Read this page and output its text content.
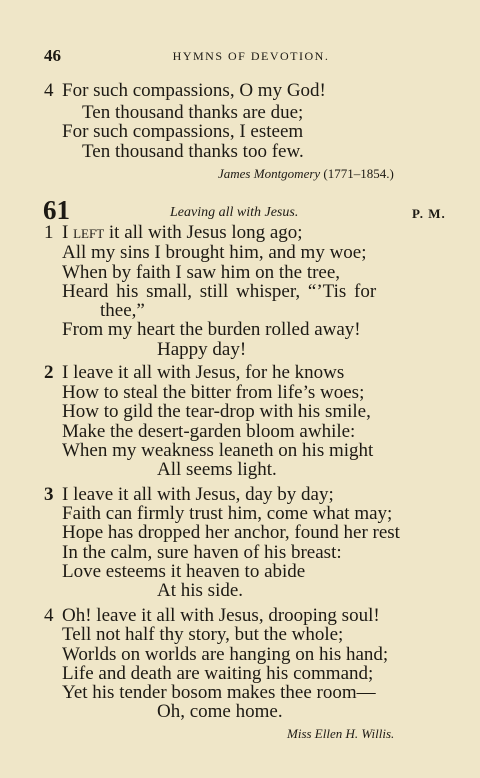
46	HYMNS OF DEVOTION.
4 For such compassions, O my God!
Ten thousand thanks are due;
For such compassions, I esteem
Ten thousand thanks too few.
James Montgomery (1771–1854.)
61	Leaving all with Jesus.	P. M.
1 I left it all with Jesus long ago;
All my sins I brought him, and my woe;
When by faith I saw him on the tree,
Heard his small, still whisper, “’Tis for
thee,”
From my heart the burden rolled away!
Happy day!
2 I leave it all with Jesus, for he knows
How to steal the bitter from life’s woes;
How to gild the tear-drop with his smile,
Make the desert-garden bloom awhile:
When my weakness leaneth on his might
All seems light.
3 I leave it all with Jesus, day by day;
Faith can firmly trust him, come what may;
Hope has dropped her anchor, found her rest
In the calm, sure haven of his breast:
Love esteems it heaven to abide
At his side.
4 Oh! leave it all with Jesus, drooping soul!
Tell not half thy story, but the whole;
Worlds on worlds are hanging on his hand;
Life and death are waiting his command;
Yet his tender bosom makes thee room—
Oh, come home.
Miss Ellen H. Willis.
